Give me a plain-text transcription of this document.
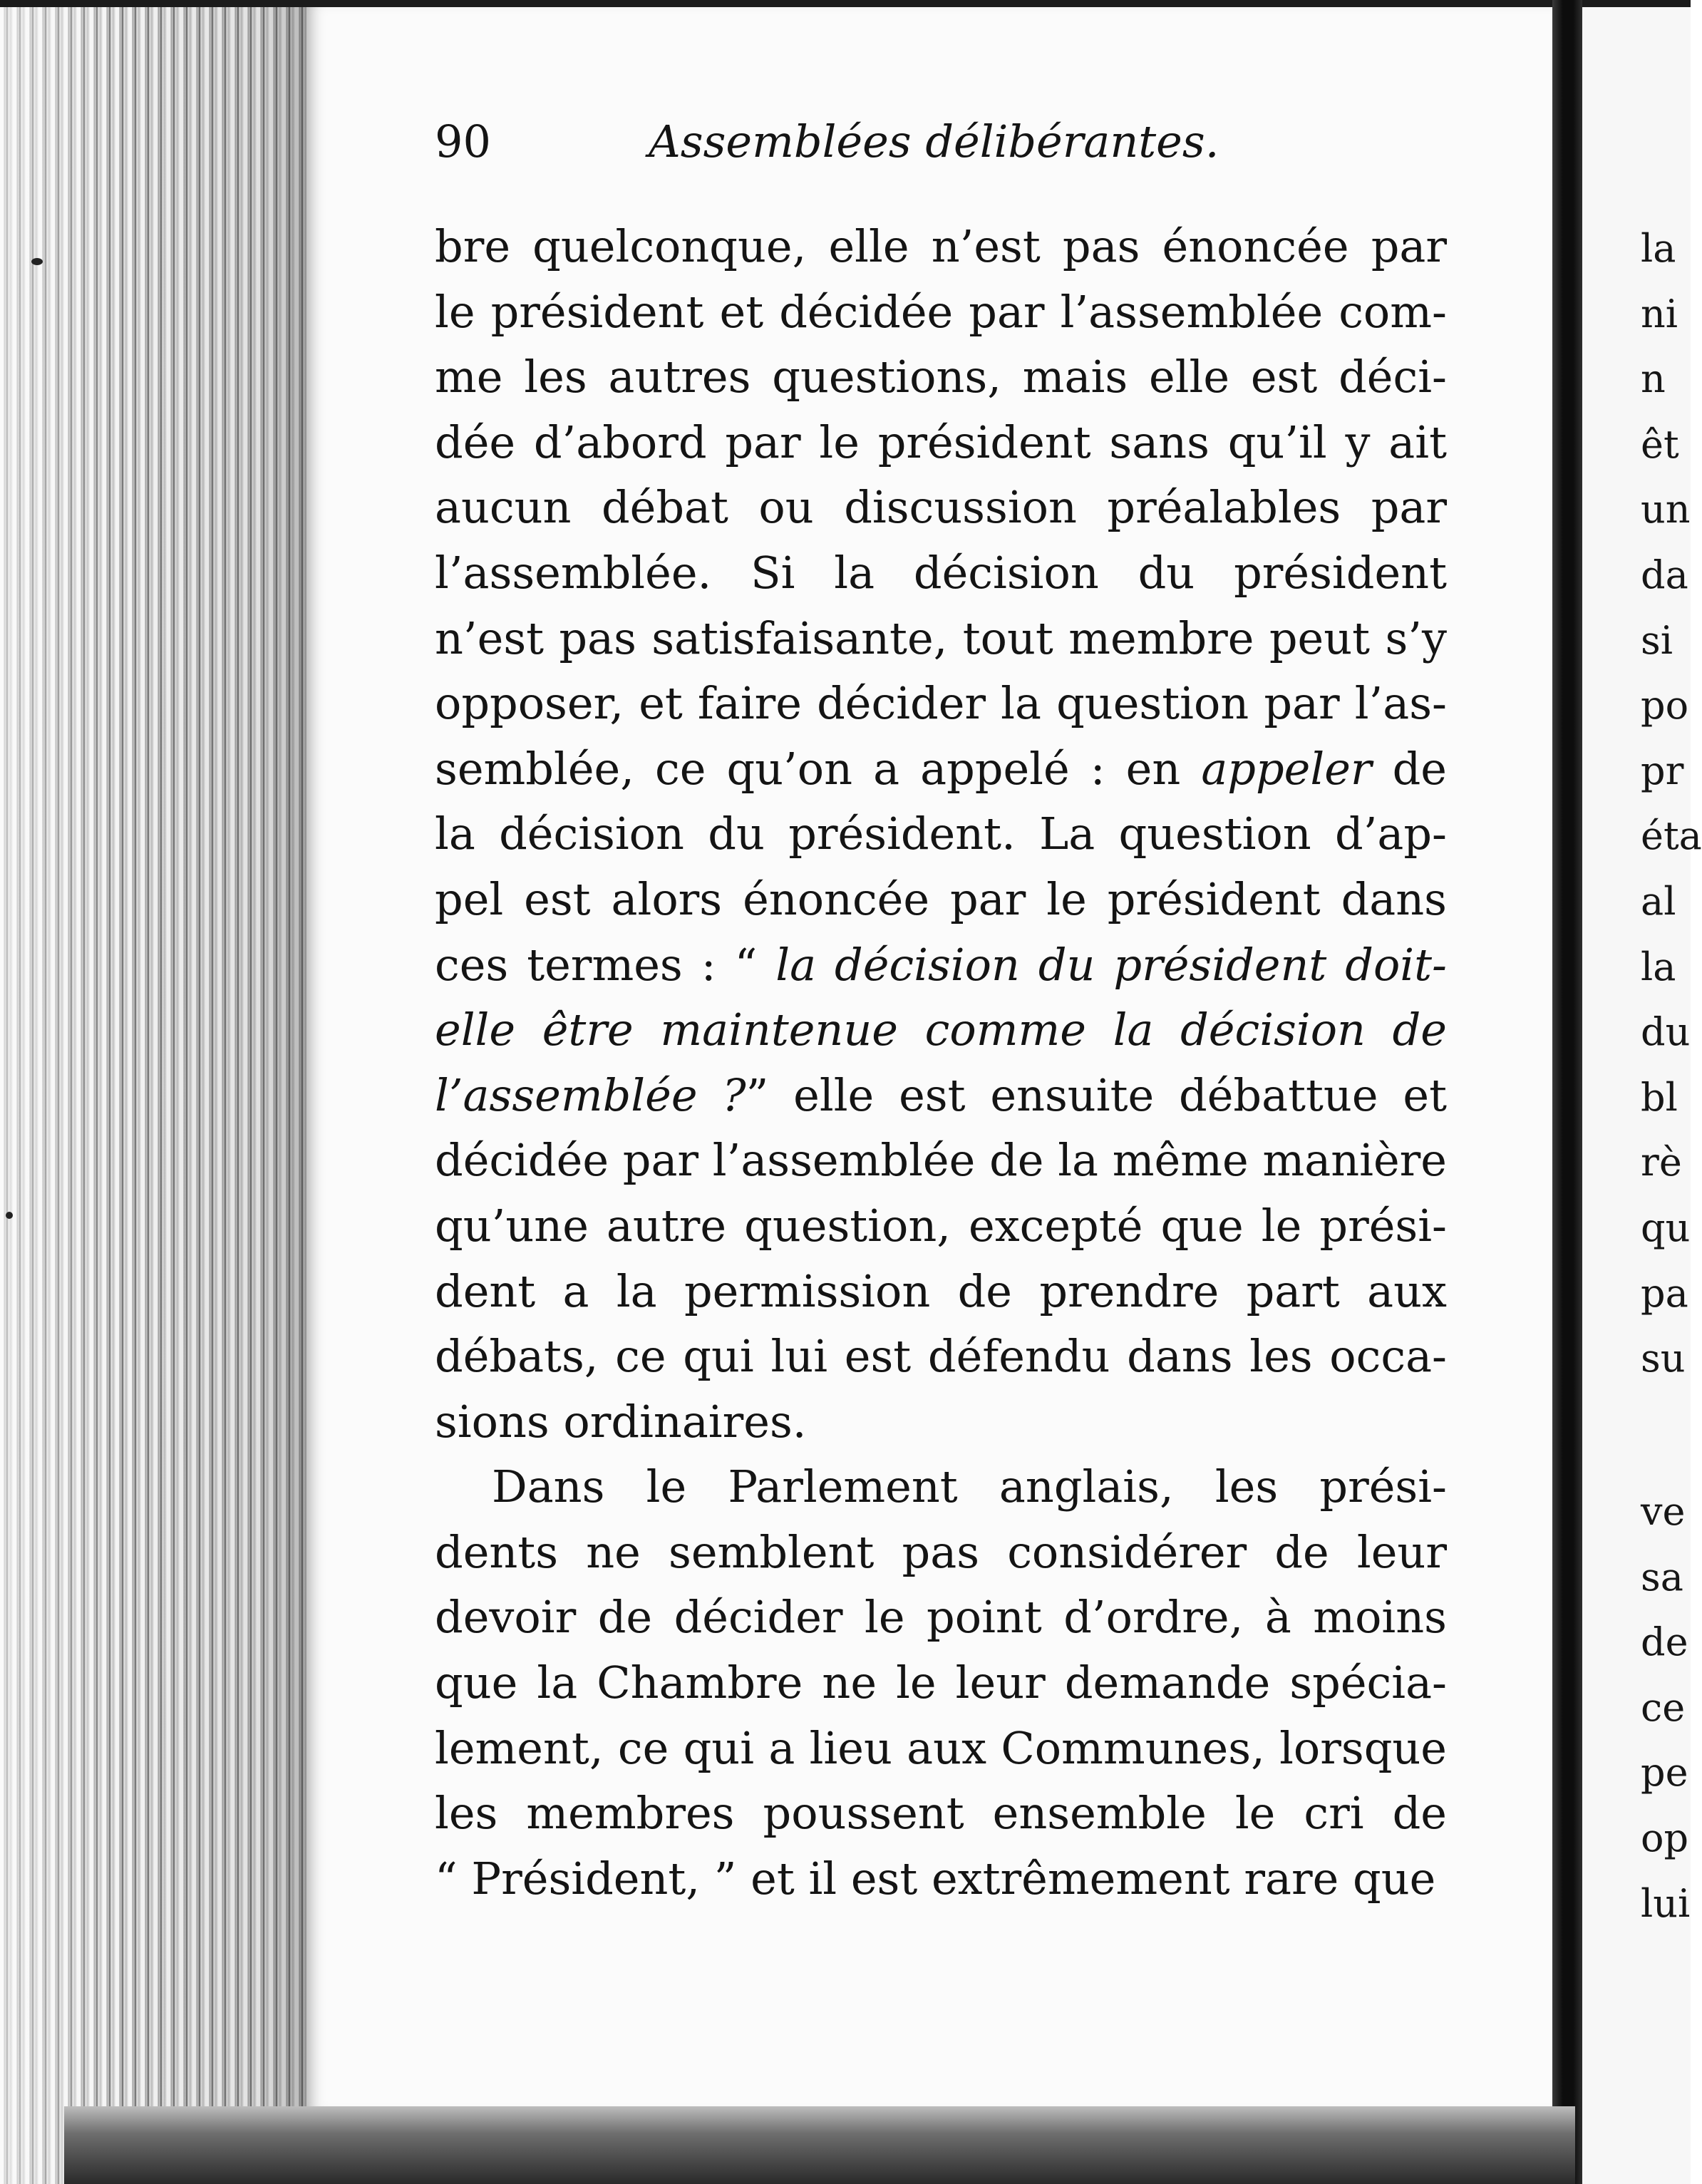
90	Assemblées délibérantes.
bre quelconque, elle n’est pas énoncée par
le président et décidée par l’assemblée com-
me les autres questions, mais elle est déci-
dée d’abord par le président sans qu’il y ait
aucun débat ou discussion préalables par
l’assemblée. Si la décision du président
n’est pas satisfaisante, tout membre peut s’y
opposer, et faire décider la question par l’as-
semblée, ce qu’on a appelé : en appeler de
la décision du président. La question d’ap-
pel est alors énoncée par le président dans
ces termes : “ la décision du président doit-
elle être maintenue comme la décision de
l’assemblée ?” elle est ensuite débattue et
décidée par l’assemblée de la même manière
qu’une autre question, excepté que le prési-
dent a la permission de prendre part aux
débats, ce qui lui est défendu dans les occa-
sions ordinaires.
Dans le Parlement anglais, les prési-
dents ne semblent pas considérer de leur
devoir de décider le point d’ordre, à moins
que la Chambre ne le leur demande spécia-
lement, ce qui a lieu aux Communes, lorsque
les membres poussent ensemble le cri de
“ Président, ” et il est extrêmement rare que
la
ni
n
êt
un
da
si
po
pr
éta
al
la
du
bl
rè
qu
pa
su
ve
sa
de
ce
pe
op
lui
